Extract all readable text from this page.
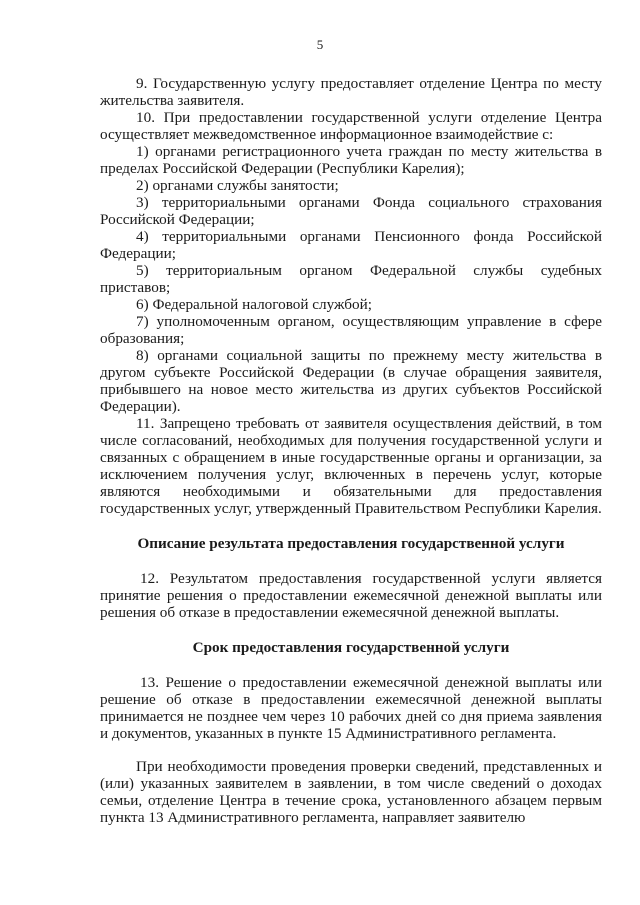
5

9. Государственную услугу предоставляет отделение Центра по месту жительства заявителя.

10. При предоставлении государственной услуги отделение Центра осуществляет межведомственное информационное взаимодействие с:

1) органами регистрационного учета граждан по месту жительства в пределах Российской Федерации (Республики Карелия);

2) органами службы занятости;

3) территориальными органами Фонда социального страхования Российской Федерации;

4) территориальными органами Пенсионного фонда Российской Федерации;

5) территориальным органом Федеральной службы судебных приставов;

6) Федеральной налоговой службой;

7) уполномоченным органом, осуществляющим управление в сфере образования;

8) органами социальной защиты по прежнему месту жительства в другом субъекте Российской Федерации (в случае обращения заявителя, прибывшего на новое место жительства из других субъектов Российской Федерации).

11. Запрещено требовать от заявителя осуществления действий, в том числе согласований, необходимых для получения государственной услуги и связанных с обращением в иные государственные органы и организации, за исключением получения услуг, включенных в перечень услуг, которые являются необходимыми и обязательными для предоставления государственных услуг, утвержденный Правительством Республики Карелия.

Описание результата предоставления государственной услуги

12. Результатом предоставления государственной услуги является принятие решения о предоставлении ежемесячной денежной выплаты или решения об отказе в предоставлении ежемесячной денежной выплаты.

Срок предоставления государственной услуги

13. Решение о предоставлении ежемесячной денежной выплаты или решение об отказе в предоставлении ежемесячной денежной выплаты принимается не позднее чем через 10 рабочих дней со дня приема заявления и документов, указанных в пункте 15 Административного регламента.

При необходимости проведения проверки сведений, представленных и (или) указанных заявителем в заявлении, в том числе сведений о доходах семьи, отделение Центра в течение срока, установленного абзацем первым пункта 13 Административного регламента, направляет заявителю
